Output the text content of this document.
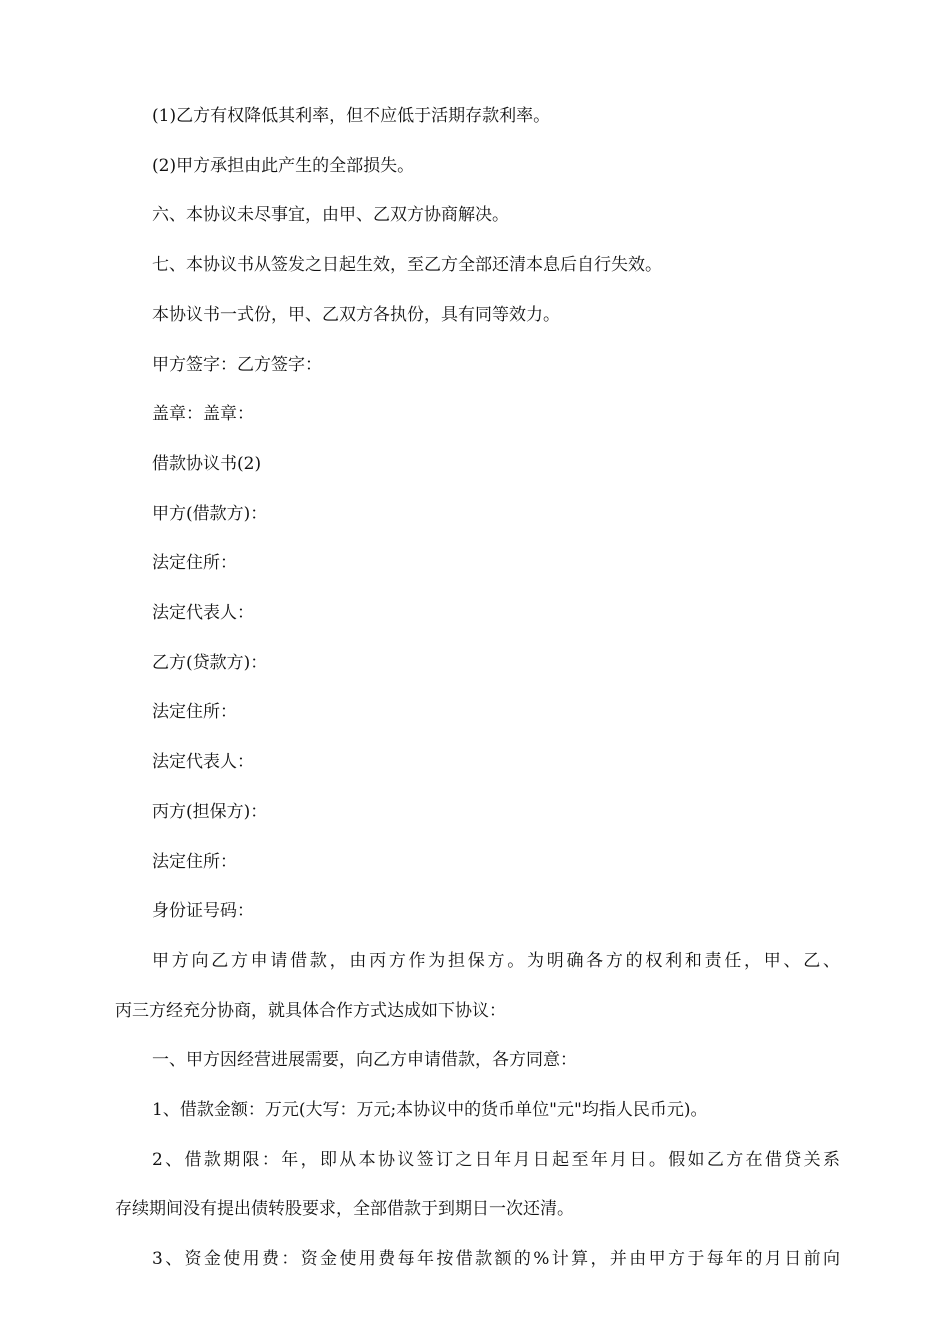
(1)乙方有权降低其利率，但不应低于活期存款利率。

(2)甲方承担由此产生的全部损失。

六、本协议未尽事宜，由甲、乙双方协商解决。

七、本协议书从签发之日起生效，至乙方全部还清本息后自行失效。

本协议书一式份，甲、乙双方各执份，具有同等效力。

甲方签字：乙方签字：

盖章：盖章：

借款协议书(2)

甲方(借款方)：

法定住所：

法定代表人：

乙方(贷款方)：

法定住所：

法定代表人：

丙方(担保方)：

法定住所：

身份证号码：

甲方向乙方申请借款，由丙方作为担保方。为明确各方的权利和责任，甲、乙、

丙三方经充分协商，就具体合作方式达成如下协议：

一、甲方因经营进展需要，向乙方申请借款，各方同意：

1、借款金额：万元(大写：万元;本协议中的货币单位"元"均指人民币元)。

2、借款期限：年，即从本协议签订之日年月日起至年月日。假如乙方在借贷关系

存续期间没有提出债转股要求，全部借款于到期日一次还清。

3、资金使用费：资金使用费每年按借款额的%计算，并由甲方于每年的月日前向
